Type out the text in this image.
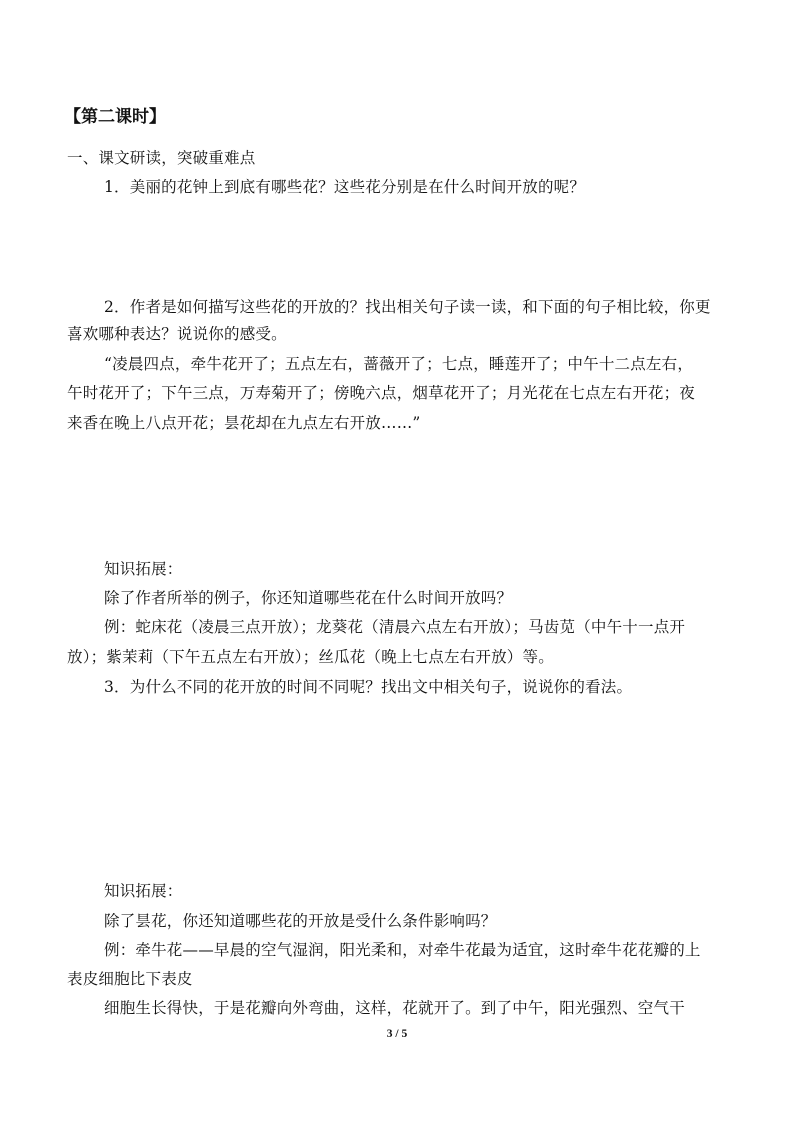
【第二课时】
一、课文研读，突破重难点
1．美丽的花钟上到底有哪些花？这些花分别是在什么时间开放的呢？
2．作者是如何描写这些花的开放的？找出相关句子读一读，和下面的句子相比较，你更
喜欢哪种表达？说说你的感受。
“凌晨四点，牵牛花开了；五点左右，蔷薇开了；七点，睡莲开了；中午十二点左右，
午时花开了；下午三点，万寿菊开了；傍晚六点，烟草花开了；月光花在七点左右开花；夜
来香在晚上八点开花；昙花却在九点左右开放……”
知识拓展：
除了作者所举的例子，你还知道哪些花在什么时间开放吗？
例：蛇床花（凌晨三点开放）；龙葵花（清晨六点左右开放）；马齿苋（中午十一点开
放）；紫茉莉（下午五点左右开放）；丝瓜花（晚上七点左右开放）等。
3．为什么不同的花开放的时间不同呢？找出文中相关句子，说说你的看法。
知识拓展：
除了昙花，你还知道哪些花的开放是受什么条件影响吗？
例：牵牛花——早晨的空气湿润，阳光柔和，对牵牛花最为适宜，这时牵牛花花瓣的上
表皮细胞比下表皮
细胞生长得快，于是花瓣向外弯曲，这样，花就开了。到了中午，阳光强烈、空气干
3 / 5
